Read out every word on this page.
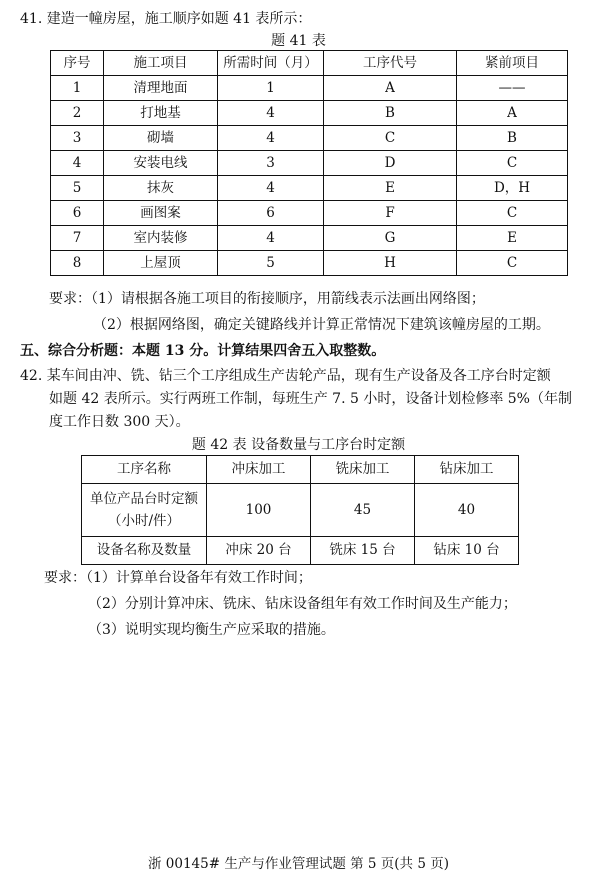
41. 建造一幢房屋，施工顺序如题 41 表所示：
题 41 表
序号	施工项目	所需时间（月）	工序代号	紧前项目
1	清理地面	1	A	——
2	打地基	4	B	A
3	砌墙	4	C	B
4	安装电线	3	D	C
5	抹灰	4	E	D，H
6	画图案	6	F	C
7	室内装修	4	G	E
8	上屋顶	5	H	C
要求：（1）请根据各施工项目的衔接顺序，用箭线表示法画出网络图；
（2）根据网络图，确定关键路线并计算正常情况下建筑该幢房屋的工期。
五、综合分析题：本题 13 分。计算结果四舍五入取整数。
42. 某车间由冲、铣、钻三个工序组成生产齿轮产品，现有生产设备及各工序台时定额
如题 42 表所示。实行两班工作制，每班生产 7. 5 小时，设备计划检修率 5%（年制
度工作日数 300 天）。
题 42 表 设备数量与工序台时定额
工序名称	冲床加工	铣床加工	钻床加工

单位产品台时定额
（小时/件）	100	45	40
设备名称及数量	冲床 20 台	铣床 15 台	钻床 10 台
要求：（1）计算单台设备年有效工作时间；
（2）分别计算冲床、铣床、钻床设备组年有效工作时间及生产能力；
（3）说明实现均衡生产应采取的措施。
浙 00145# 生产与作业管理试题 第 5 页(共 5 页)
